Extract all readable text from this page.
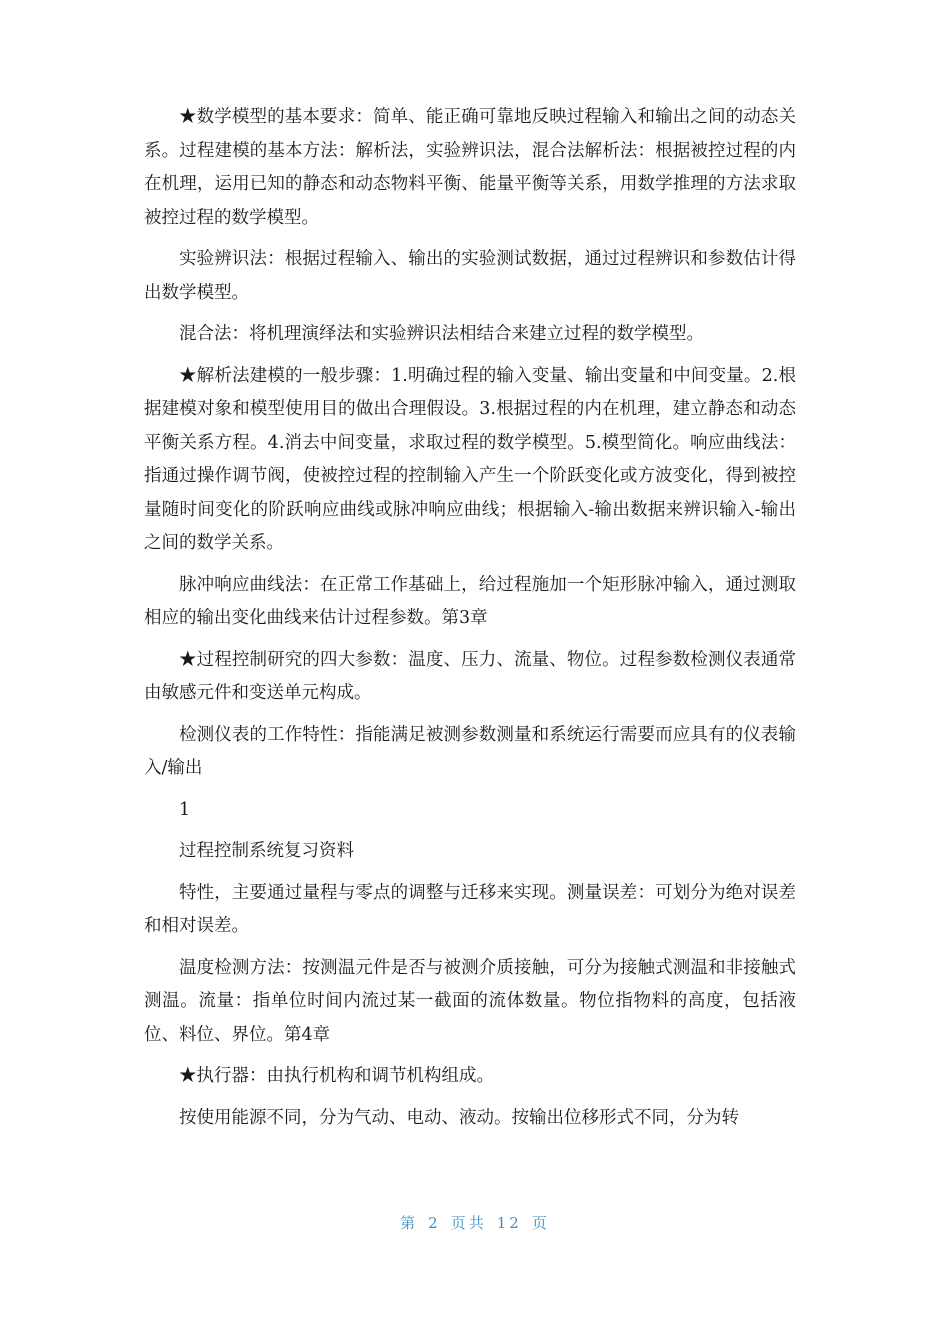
★数学模型的基本要求：简单、能正确可靠地反映过程输入和输出之间的动态关系。过程建模的基本方法：解析法，实验辨识法，混合法解析法：根据被控过程的内在机理，运用已知的静态和动态物料平衡、能量平衡等关系，用数学推理的方法求取被控过程的数学模型。

实验辨识法：根据过程输入、输出的实验测试数据，通过过程辨识和参数估计得出数学模型。

混合法：将机理演绎法和实验辨识法相结合来建立过程的数学模型。

★解析法建模的一般步骤：1.明确过程的输入变量、输出变量和中间变量。2.根据建模对象和模型使用目的做出合理假设。3.根据过程的内在机理，建立静态和动态平衡关系方程。4.消去中间变量，求取过程的数学模型。5.模型简化。响应曲线法：指通过操作调节阀，使被控过程的控制输入产生一个阶跃变化或方波变化，得到被控量随时间变化的阶跃响应曲线或脉冲响应曲线；根据输入-输出数据来辨识输入-输出之间的数学关系。

脉冲响应曲线法：在正常工作基础上，给过程施加一个矩形脉冲输入，通过测取相应的输出变化曲线来估计过程参数。第3章

★过程控制研究的四大参数：温度、压力、流量、物位。过程参数检测仪表通常由敏感元件和变送单元构成。

检测仪表的工作特性：指能满足被测参数测量和系统运行需要而应具有的仪表输入/输出

1

过程控制系统复习资料

特性，主要通过量程与零点的调整与迁移来实现。测量误差：可划分为绝对误差和相对误差。

温度检测方法：按测温元件是否与被测介质接触，可分为接触式测温和非接触式测温。流量：指单位时间内流过某一截面的流体数量。物位指物料的高度，包括液位、料位、界位。第4章

★执行器：由执行机构和调节机构组成。

按使用能源不同，分为气动、电动、液动。按输出位移形式不同，分为转

第 2 页共 12 页
